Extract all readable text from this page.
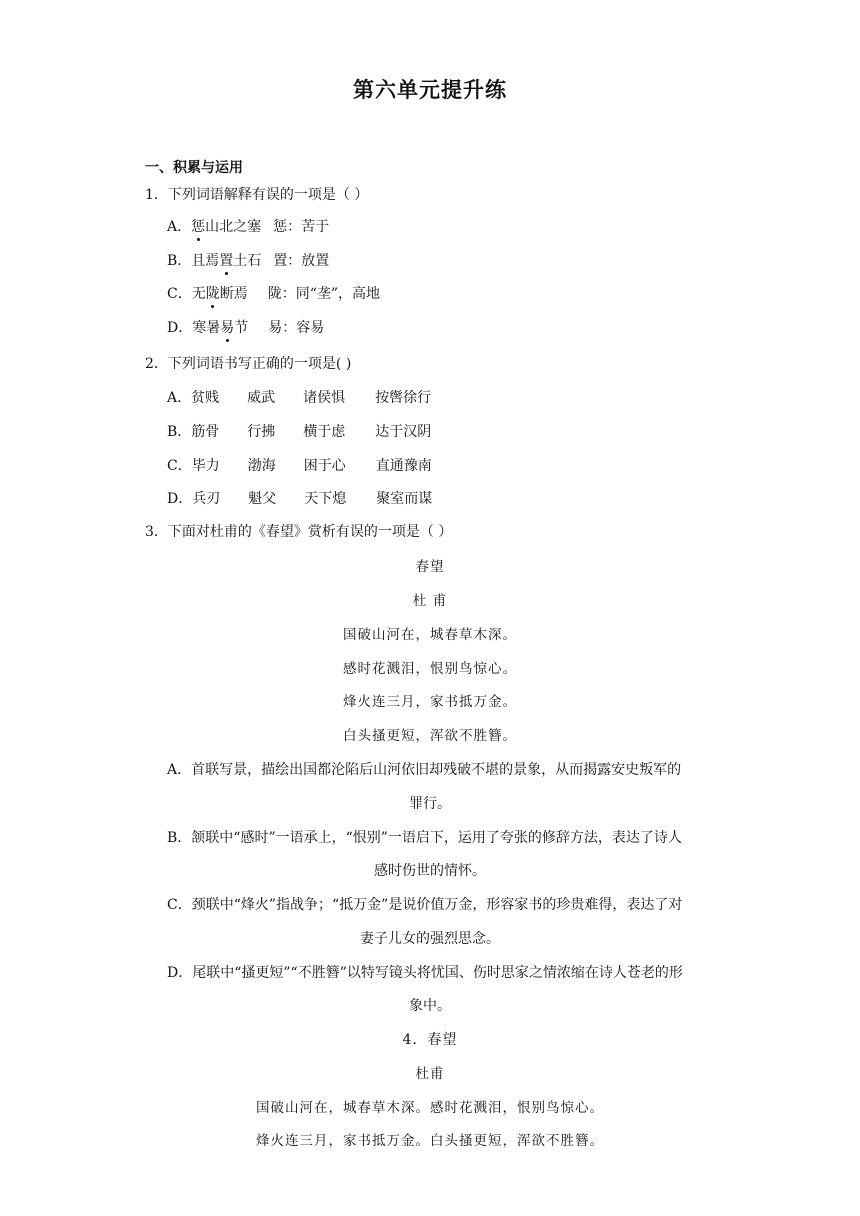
第六单元提升练
一、积累与运用
1．下列词语解释有误的一项是（ ）
A．惩山北之塞 惩：苦于
B．且焉置土石 置：放置
C．无陇断焉 陇：同“垄”，高地
D．寒暑易节 易：容易
2．下列词语书写正确的一项是( )
A．贫贱 威武 诸侯惧 按辔徐行
B．筋骨 行拂 横于虑 达于汉阴
C．毕力 渤海 困于心 直通豫南
D．兵刃 魁父 天下熄 聚室而谋
3．下面对杜甫的《春望》赏析有误的一项是（ ）
春望
杜 甫
国破山河在，城春草木深。
感时花溅泪，恨别鸟惊心。
烽火连三月，家书抵万金。
白头搔更短，浑欲不胜簪。
A．首联写景，描绘出国都沦陷后山河依旧却残破不堪的景象，从而揭露安史叛军的
罪行。
B．颔联中“感时”一语承上，“恨别”一语启下，运用了夸张的修辞方法，表达了诗人
感时伤世的情怀。
C．颈联中“烽火”指战争；“抵万金”是说价值万金，形容家书的珍贵难得，表达了对
妻子儿女的强烈思念。
D．尾联中“搔更短”“不胜簪”以特写镜头将忧国、伤时思家之情浓缩在诗人苍老的形
象中。
4．春望
杜甫
国破山河在，城春草木深。感时花溅泪，恨别鸟惊心。
烽火连三月，家书抵万金。白头搔更短，浑欲不胜簪。
